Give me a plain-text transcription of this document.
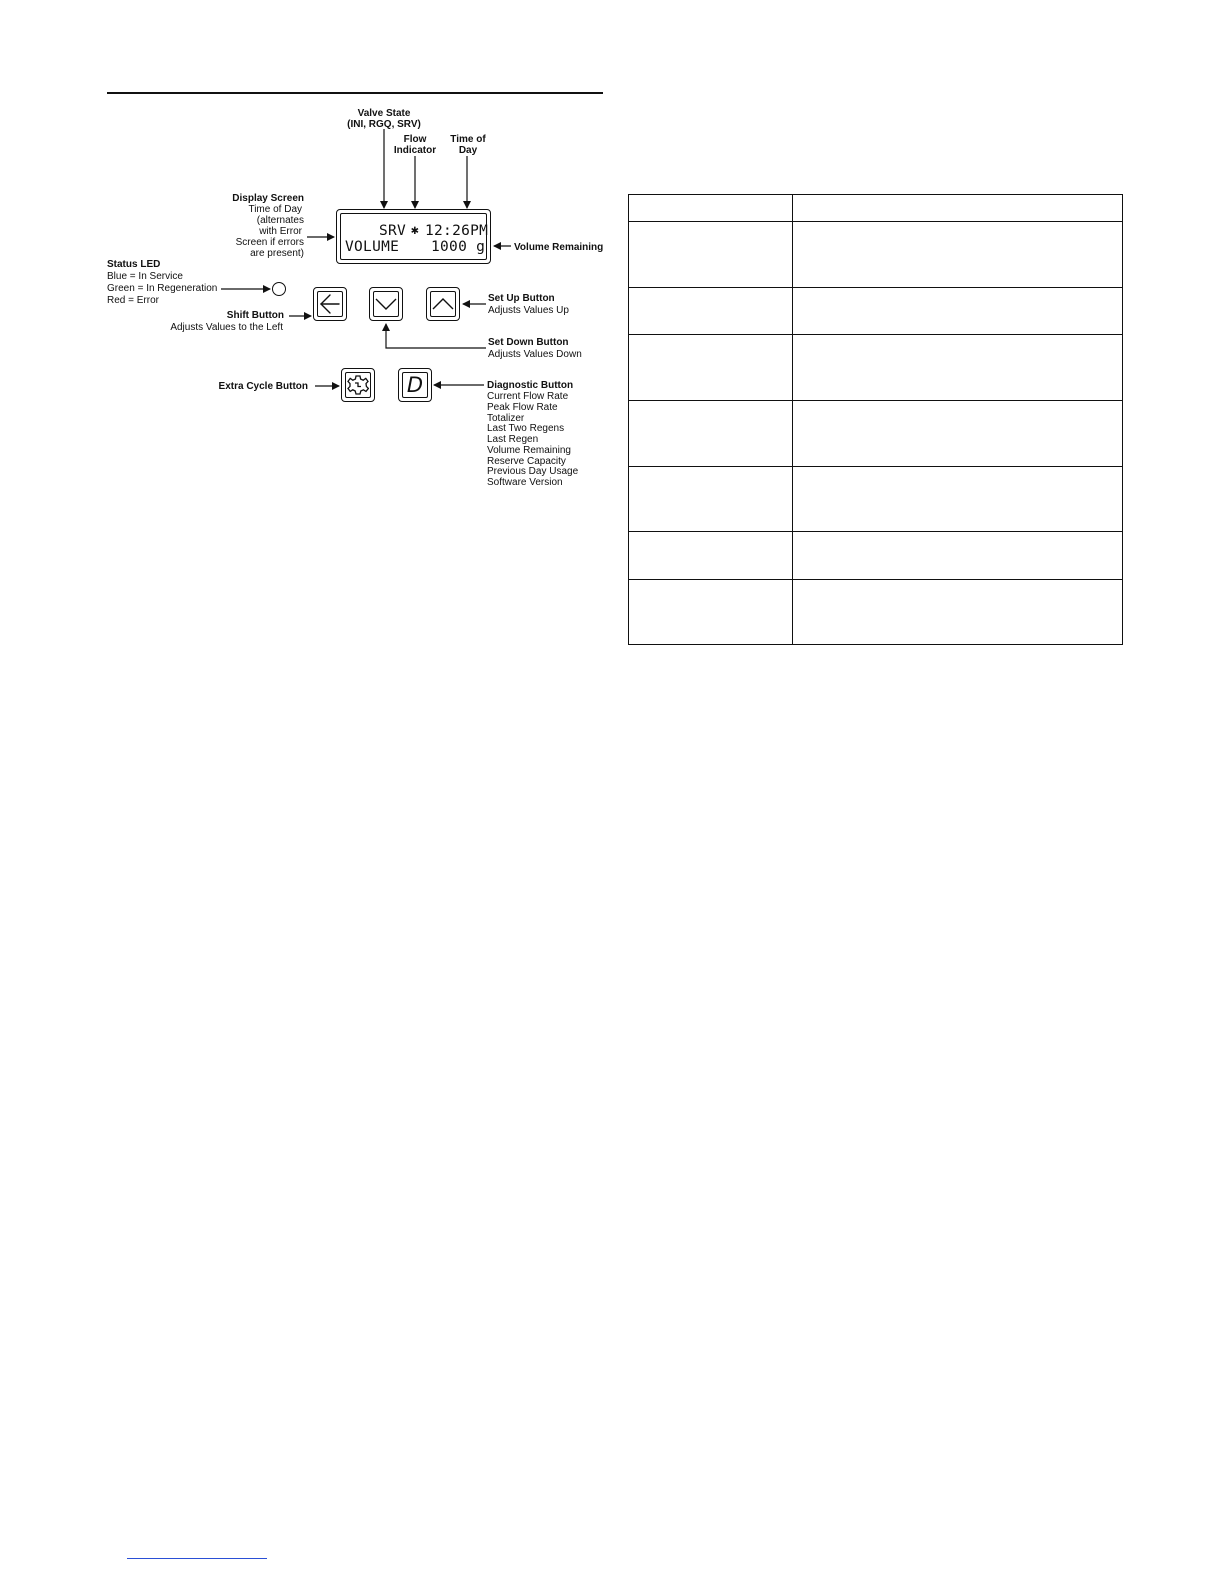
Valve State
(INI, RGQ, SRV)
Flow
Indicator
Time of
Day
Display Screen
Time of Day
(alternates
with Error
Screen if errors
are present)
SRV ✱ 12:26PM
VOLUME 1000 g	Volume Remaining
Status LED
Blue = In Service
Green = In Regeneration
Red = Error
Shift Button
Adjusts Values to the Left
Set Up Button
Adjusts Values Up
Set Down Button
Adjusts Values Down
Extra Cycle Button	D	Diagnostic Button
Current Flow Rate
Peak Flow Rate
Totalizer
Last Two Regens
Last Regen
Volume Remaining
Reserve Capacity
Previous Day Usage
Software Version
